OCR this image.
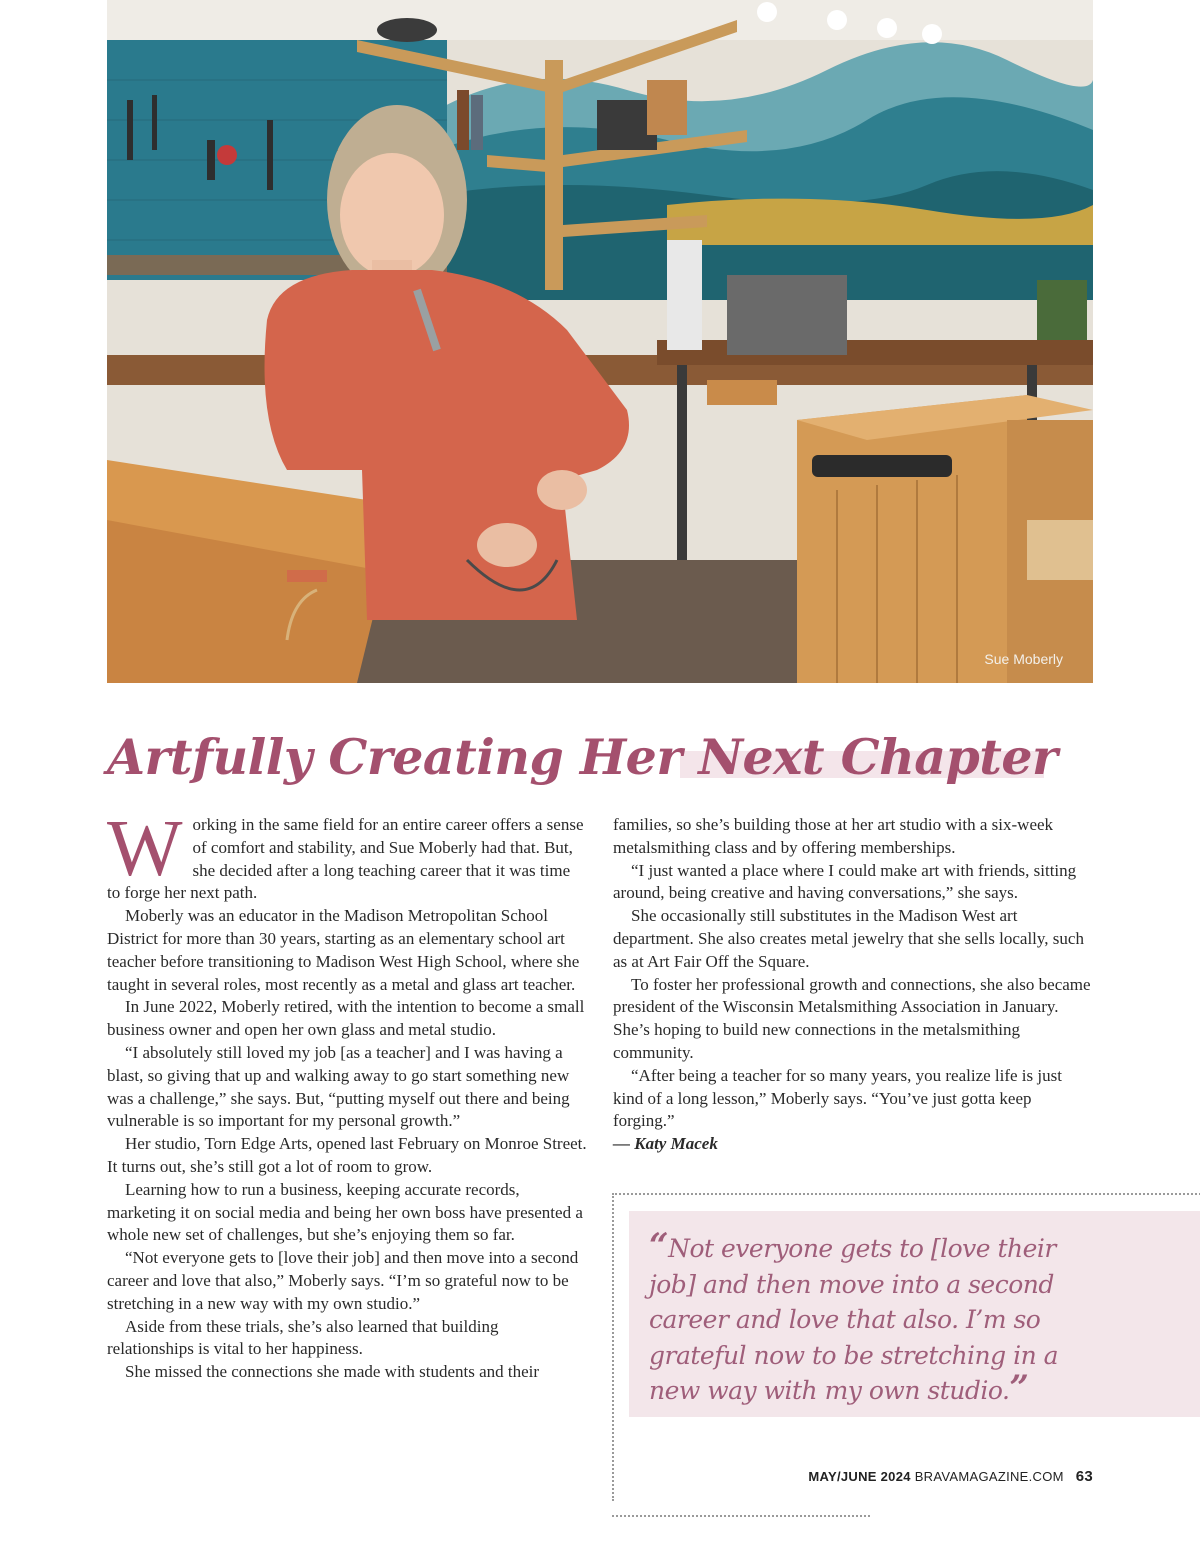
Sue Moberly
Artfully Creating Her Next Chapter

Working in the same field for an entire career offers a sense of comfort and stability, and Sue Moberly had that. But, she decided after a long teaching career that it was time to forge her next path.

Moberly was an educator in the Madison Metropolitan School District for more than 30 years, starting as an elementary school art teacher before transitioning to Madison West High School, where she taught in several roles, most recently as a metal and glass art teacher.

In June 2022, Moberly retired, with the intention to become a small business owner and open her own glass and metal studio.

“I absolutely still loved my job [as a teacher] and I was having a blast, so giving that up and walking away to go start something new was a challenge,” she says. But, “putting myself out there and being vulnerable is so important for my personal growth.”

Her studio, Torn Edge Arts, opened last February on Monroe Street. It turns out, she’s still got a lot of room to grow.

Learning how to run a business, keeping accurate records, marketing it on social media and being her own boss have presented a whole new set of challenges, but she’s enjoying them so far.

“Not everyone gets to [love their job] and then move into a second career and love that also,” Moberly says. “I’m so grateful now to be stretching in a new way with my own studio.”

Aside from these trials, she’s also learned that building relationships is vital to her happiness.

She missed the connections she made with students and their

families, so she’s building those at her art studio with a six-week metalsmithing class and by offering memberships.

“I just wanted a place where I could make art with friends, sitting around, being creative and having conversations,” she says.

She occasionally still substitutes in the Madison West art department. She also creates metal jewelry that she sells locally, such as at Art Fair Off the Square.

To foster her professional growth and connections, she also became president of the Wisconsin Metalsmithing Association in January. She’s hoping to build new connections in the metalsmithing community.

“After being a teacher for so many years, you realize life is just kind of a long lesson,” Moberly says. “You’ve just gotta keep forging.”

— Katy Macek

“Not everyone gets to [love their job] and then move into a second career and love that also. I’m so grateful now to be stretching in a new way with my own studio.”
MAY/JUNE 2024 BRAVAMAGAZINE.COM 63
